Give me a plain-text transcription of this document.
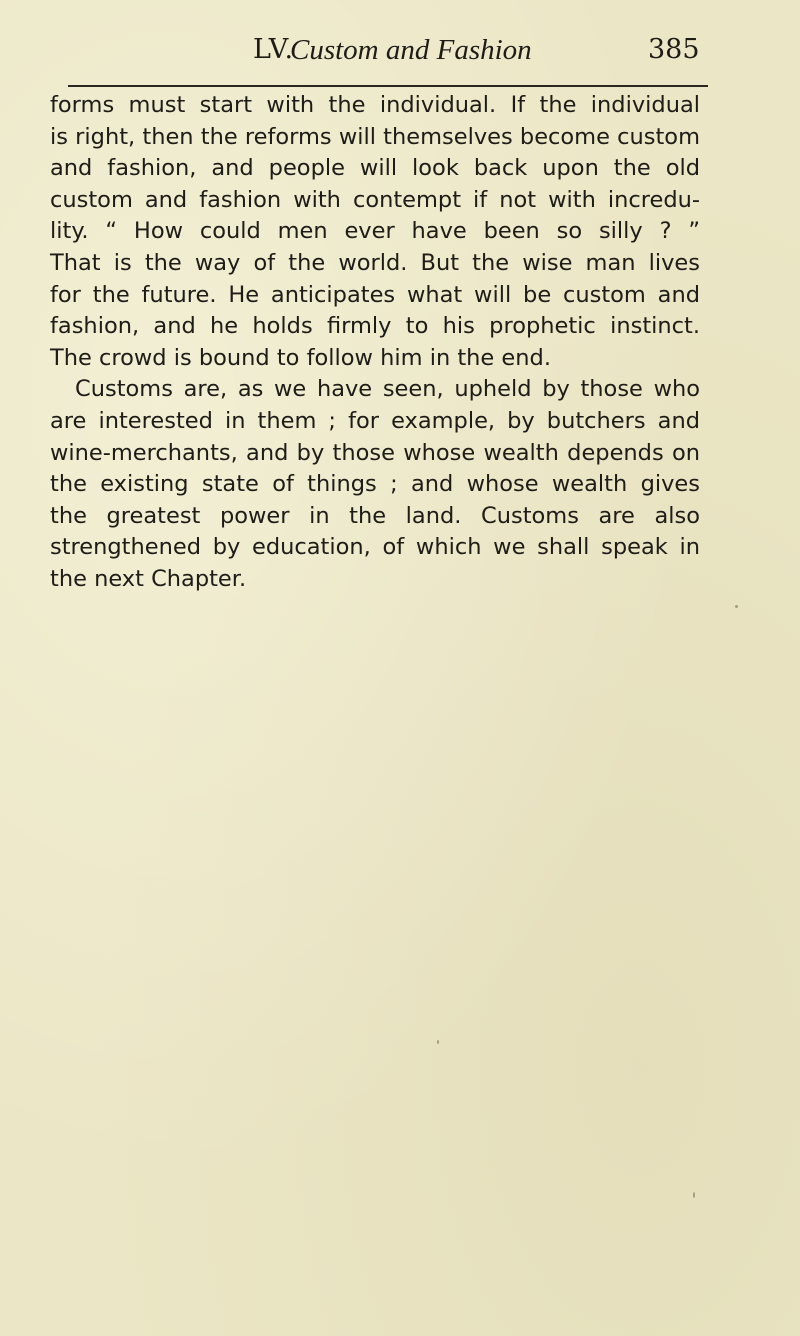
LV.
Custom and Fashion	385
forms must start with the individual. If the individual
is right, then the reforms will themselves become custom
and fashion, and people will look back upon the old
custom and fashion with contempt if not with incredu-
lity. “ How could men ever have been so silly ? ”
That is the way of the world. But the wise man lives
for the future. He anticipates what will be custom and
fashion, and he holds firmly to his prophetic instinct.
The crowd is bound to follow him in the end.
Customs are, as we have seen, upheld by those who
are interested in them ; for example, by butchers and
wine-merchants, and by those whose wealth depends on
the existing state of things ; and whose wealth gives
the greatest power in the land. Customs are also
strengthened by education, of which we shall speak in
the next Chapter.
